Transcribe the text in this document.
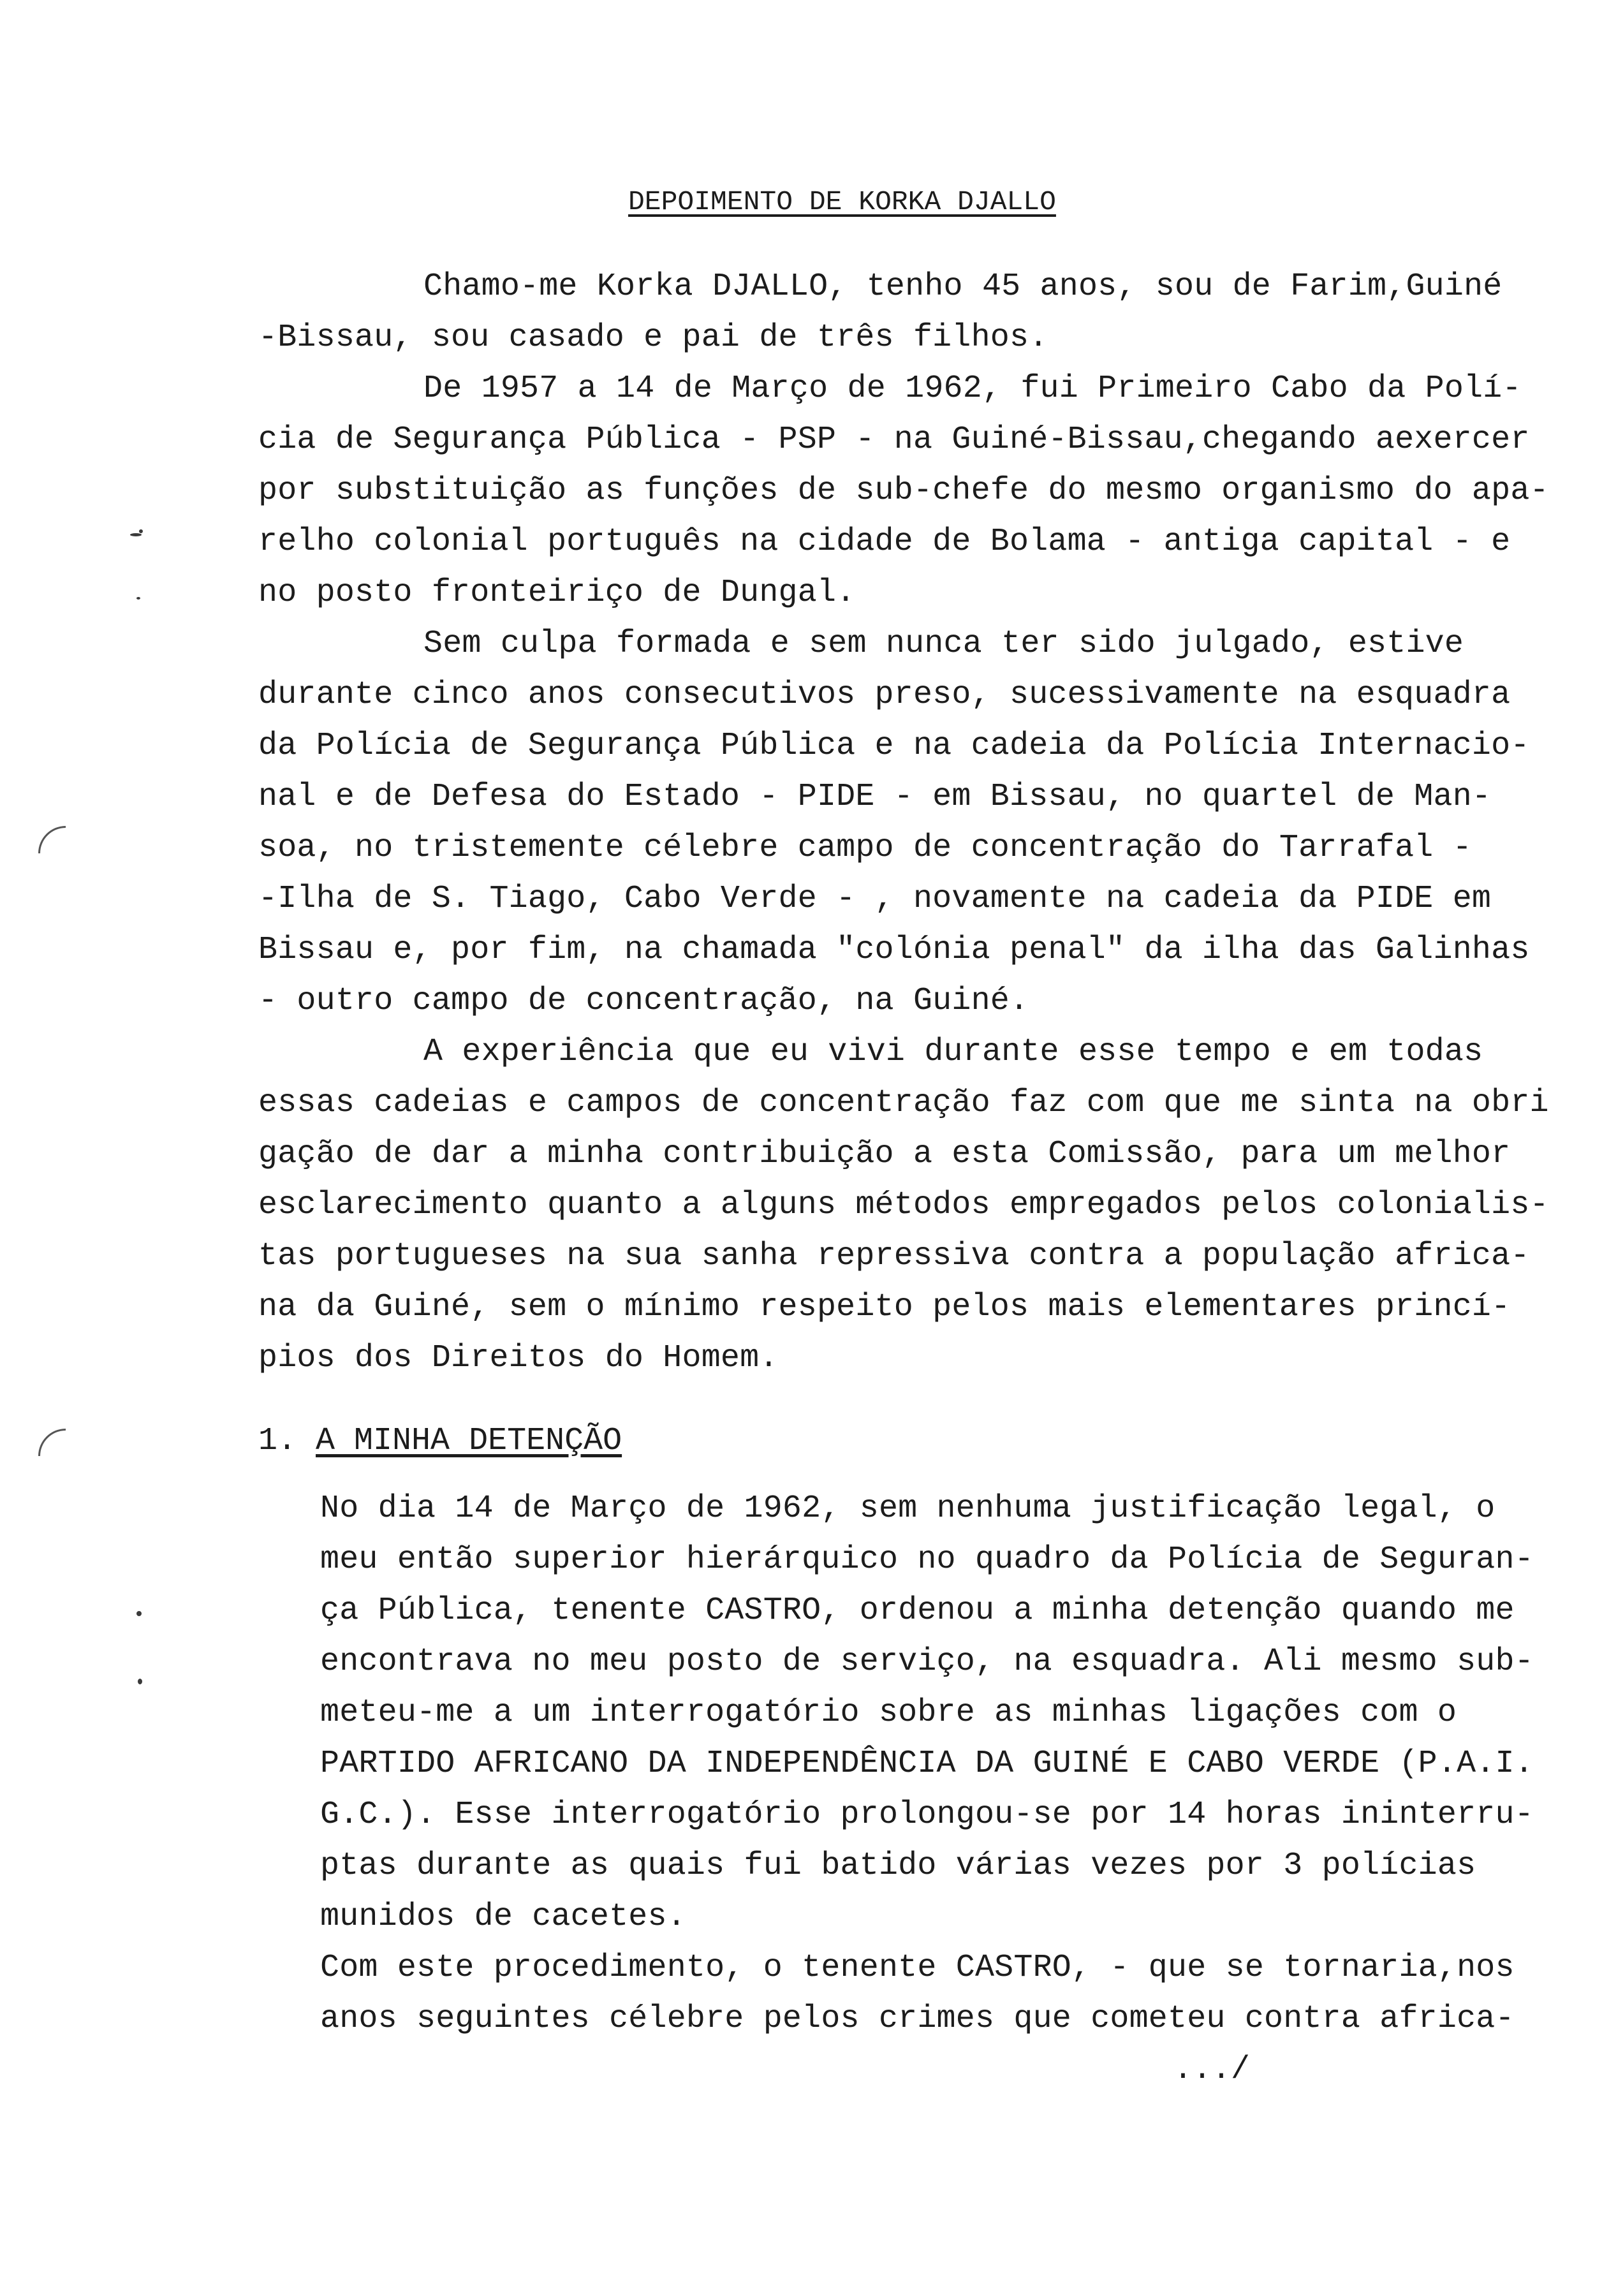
DEPOIMENTO DE KORKA DJALLO
Chamo-me Korka DJALLO, tenho 45 anos, sou de Farim,Guiné
-Bissau, sou casado e pai de três filhos.
De 1957 a 14 de Março de 1962, fui Primeiro Cabo da Polí-
cia de Segurança Pública - PSP - na Guiné-Bissau,chegando aexercer
por substituição as funções de sub-chefe do mesmo organismo do apa-
relho colonial português na cidade de Bolama - antiga capital - e
no posto fronteiriço de Dungal.
Sem culpa formada e sem nunca ter sido julgado, estive
durante cinco anos consecutivos preso, sucessivamente na esquadra
da Polícia de Segurança Pública e na cadeia da Polícia Internacio-
nal e de Defesa do Estado - PIDE - em Bissau, no quartel de Man-
soa, no tristemente célebre campo de concentração do Tarrafal -
-Ilha de S. Tiago, Cabo Verde - , novamente na cadeia da PIDE em
Bissau e, por fim, na chamada "colónia penal" da ilha das Galinhas
- outro campo de concentração, na Guiné.
A experiência que eu vivi durante esse tempo e em todas
essas cadeias e campos de concentração faz com que me sinta na obri
gação de dar a minha contribuição a esta Comissão, para um melhor
esclarecimento quanto a alguns métodos empregados pelos colonialis-
tas portugueses na sua sanha repressiva contra a população africa-
na da Guiné, sem o mínimo respeito pelos mais elementares princí-
pios dos Direitos do Homem.
1. A MINHA DETENÇÃO
No dia 14 de Março de 1962, sem nenhuma justificação legal, o
meu então superior hierárquico no quadro da Polícia de Seguran-
ça Pública, tenente CASTRO, ordenou a minha detenção quando me
encontrava no meu posto de serviço, na esquadra. Ali mesmo sub-
meteu-me a um interrogatório sobre as minhas ligações com o
PARTIDO AFRICANO DA INDEPENDÊNCIA DA GUINÉ E CABO VERDE (P.A.I.
G.C.). Esse interrogatório prolongou-se por 14 horas ininterru-
ptas durante as quais fui batido várias vezes por 3 polícias
munidos de cacetes.
Com este procedimento, o tenente CASTRO, - que se tornaria,nos
anos seguintes célebre pelos crimes que cometeu contra africa-
.../
